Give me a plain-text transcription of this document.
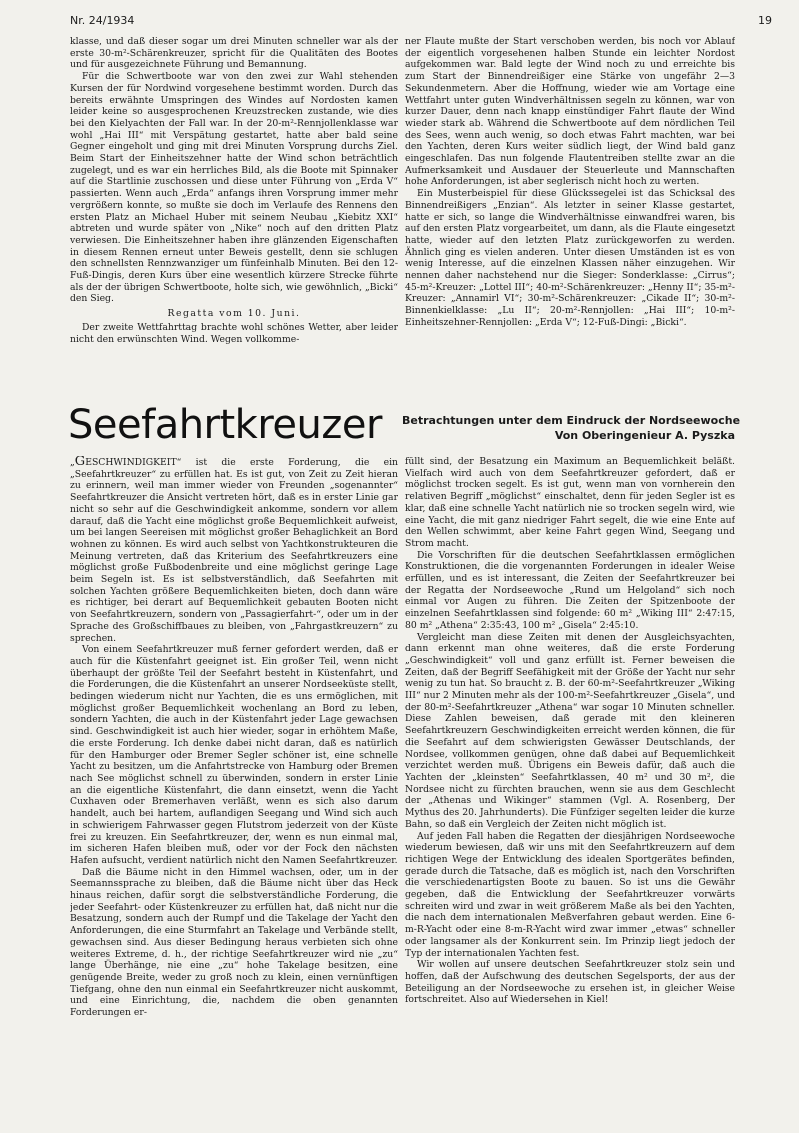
Nr. 24/1934	19

klasse, und daß dieser sogar um drei Minuten schneller war als der erste 30-m²-Schärenkreuzer, spricht für die Qualitäten des Bootes und für ausgezeichnete Führung und Bemannung.

Für die Schwertboote war von den zwei zur Wahl stehenden Kursen der für Nordwind vorgesehene bestimmt worden. Durch das bereits erwähnte Umspringen des Windes auf Nordosten kamen leider keine so ausgesprochenen Kreuzstrecken zustande, wie dies bei den Kielyachten der Fall war. In der 20-m²-Rennjollenklasse war wohl „Hai III“ mit Verspätung gestartet, hatte aber bald seine Gegner eingeholt und ging mit drei Minuten Vorsprung durchs Ziel. Beim Start der Einheitszehner hatte der Wind schon beträchtlich zugelegt, und es war ein herrliches Bild, als die Boote mit Spinnaker auf die Startlinie zuschossen und diese unter Führung von „Erda V“ passierten. Wenn auch „Erda“ anfangs ihren Vorsprung immer mehr vergrößern konnte, so mußte sie doch im Verlaufe des Rennens den ersten Platz an Michael Huber mit seinem Neubau „Kiebitz XXI“ abtreten und wurde später von „Nike“ noch auf den dritten Platz verwiesen. Die Einheitszehner haben ihre glänzenden Eigenschaften in diesem Rennen erneut unter Beweis gestellt, denn sie schlugen den schnellsten Rennzwanziger um fünfeinhalb Minuten. Bei den 12-Fuß-Dingis, deren Kurs über eine wesentlich kürzere Strecke führte als der der übrigen Schwertboote, holte sich, wie gewöhnlich, „Bicki“ den Sieg.

Regatta vom 10. Juni.

Der zweite Wettfahrttag brachte wohl schönes Wetter, aber leider nicht den erwünschten Wind. Wegen vollkomme-

ner Flaute mußte der Start verschoben werden, bis noch vor Ablauf der eigentlich vorgesehenen halben Stunde ein leichter Nordost aufgekommen war. Bald legte der Wind noch zu und erreichte bis zum Start der Binnendreißiger eine Stärke von ungefähr 2—3 Sekundenmetern. Aber die Hoffnung, wieder wie am Vortage eine Wettfahrt unter guten Windverhältnissen segeln zu können, war von kurzer Dauer, denn nach knapp einstündiger Fahrt flaute der Wind wieder stark ab. Während die Schwertboote auf dem nördlichen Teil des Sees, wenn auch wenig, so doch etwas Fahrt machten, war bei den Yachten, deren Kurs weiter südlich liegt, der Wind bald ganz eingeschlafen. Das nun folgende Flautentreiben stellte zwar an die Aufmerksamkeit und Ausdauer der Steuerleute und Mannschaften hohe Anforderungen, ist aber seglerisch nicht hoch zu werten.

Ein Musterbeispiel für diese Glückssegelei ist das Schicksal des Binnendreißigers „Enzian“. Als letzter in seiner Klasse gestartet, hatte er sich, so lange die Windverhältnisse einwandfrei waren, bis auf den ersten Platz vorgearbeitet, um dann, als die Flaute eingesetzt hatte, wieder auf den letzten Platz zurückgeworfen zu werden. Ähnlich ging es vielen anderen. Unter diesen Umständen ist es von wenig Interesse, auf die einzelnen Klassen näher einzugehen. Wir nennen daher nachstehend nur die Sieger: Sonderklasse: „Cirrus“; 45-m²-Kreuzer: „Lottel III“; 40-m²-Schärenkreuzer: „Henny II“; 35-m²-Kreuzer: „Annamirl VI“; 30-m²-Schärenkreuzer: „Cikade II“; 30-m²-Binnenkielklasse: „Lu II“; 20-m²-Rennjollen: „Hai III“; 10-m²-Einheitszehner-Rennjollen: „Erda V“; 12-Fuß-Dingi: „Bicki“.

Seefahrtkreuzer Betrachtungen unter dem Eindruck der Nordseewoche

Von Oberingenieur A. Pyszka

„GESCHWINDIGKEIT“ ist die erste Forderung, die ein „Seefahrtkreuzer“ zu erfüllen hat. Es ist gut, von Zeit zu Zeit hieran zu erinnern, weil man immer wieder von Freunden „sogenannter“ Seefahrtkreuzer die Ansicht vertreten hört, daß es in erster Linie gar nicht so sehr auf die Geschwindigkeit ankomme, sondern vor allem darauf, daß die Yacht eine möglichst große Bequemlichkeit aufweist, um bei langen Seereisen mit möglichst großer Behaglichkeit an Bord wohnen zu können. Es wird auch selbst von Yachtkonstrukteuren die Meinung vertreten, daß das Kriterium des Seefahrtkreuzers eine möglichst große Fußbodenbreite und eine möglichst geringe Lage beim Segeln ist. Es ist selbstverständlich, daß Seefahrten mit solchen Yachten größere Bequemlichkeiten bieten, doch dann wäre es richtiger, bei derart auf Bequemlichkeit gebauten Booten nicht von Seefahrtkreuzern, sondern von „Passagierfahrt-“, oder um in der Sprache des Großschiffbaues zu bleiben, von „Fahrgastkreuzern“ zu sprechen.

Von einem Seefahrtkreuzer muß ferner gefordert werden, daß er auch für die Küstenfahrt geeignet ist. Ein großer Teil, wenn nicht überhaupt der größte Teil der Seefahrt besteht in Küstenfahrt, und die Forderungen, die die Küstenfahrt an unserer Nordseeküste stellt, bedingen wiederum nicht nur Yachten, die es uns ermöglichen, mit möglichst großer Bequemlichkeit wochenlang an Bord zu leben, sondern Yachten, die auch in der Küstenfahrt jeder Lage gewachsen sind. Geschwindigkeit ist auch hier wieder, sogar in erhöhtem Maße, die erste Forderung. Ich denke dabei nicht daran, daß es natürlich für den Hamburger oder Bremer Segler schöner ist, eine schnelle Yacht zu besitzen, um die Anfahrtstrecke von Hamburg oder Bremen nach See möglichst schnell zu überwinden, sondern in erster Linie an die eigentliche Küstenfahrt, die dann einsetzt, wenn die Yacht Cuxhaven oder Bremerhaven verläßt, wenn es sich also darum handelt, auch bei hartem, auflandigen Seegang und Wind sich auch in schwierigem Fahrwasser gegen Flutstrom jederzeit von der Küste frei zu kreuzen. Ein Seefahrtkreuzer, der, wenn es nun einmal mal, im sicheren Hafen bleiben muß, oder vor der Fock den nächsten Hafen aufsucht, verdient natürlich nicht den Namen Seefahrtkreuzer.

Daß die Bäume nicht in den Himmel wachsen, oder, um in der Seemannssprache zu bleiben, daß die Bäume nicht über das Heck hinaus reichen, dafür sorgt die selbstverständliche Forderung, die jeder Seefahrt- oder Küstenkreuzer zu erfüllen hat, daß nicht nur die Besatzung, sondern auch der Rumpf und die Takelage der Yacht den Anforderungen, die eine Sturmfahrt an Takelage und Verbände stellt, gewachsen sind. Aus dieser Bedingung heraus verbieten sich ohne weiteres Extreme, d. h., der richtige Seefahrtkreuzer wird nie „zu“ lange Überhänge, nie eine „zu“ hohe Takelage besitzen, eine genügende Breite, weder zu groß noch zu klein, einen vernünftigen Tiefgang, ohne den nun einmal ein Seefahrtkreuzer nicht auskommt, und eine Einrichtung, die, nachdem die oben genannten Forderungen er-

füllt sind, der Besatzung ein Maximum an Bequemlichkeit beläßt. Vielfach wird auch von dem Seefahrtkreuzer gefordert, daß er möglichst trocken segelt. Es ist gut, wenn man von vornherein den relativen Begriff „möglichst“ einschaltet, denn für jeden Segler ist es klar, daß eine schnelle Yacht natürlich nie so trocken segeln wird, wie eine Yacht, die mit ganz niedriger Fahrt segelt, die wie eine Ente auf den Wellen schwimmt, aber keine Fahrt gegen Wind, Seegang und Strom macht.

Die Vorschriften für die deutschen Seefahrtklassen ermöglichen Konstruktionen, die die vorgenannten Forderungen in idealer Weise erfüllen, und es ist interessant, die Zeiten der Seefahrtkreuzer bei der Regatta der Nordseewoche „Rund um Helgoland“ sich noch einmal vor Augen zu führen. Die Zeiten der Spitzenboote der einzelnen Seefahrtklassen sind folgende: 60 m² „Wiking III“ 2:47:15, 80 m² „Athena“ 2:35:43, 100 m² „Gisela“ 2:45:10.

Vergleicht man diese Zeiten mit denen der Ausgleichsyachten, dann erkennt man ohne weiteres, daß die erste Forderung „Geschwindigkeit“ voll und ganz erfüllt ist. Ferner beweisen die Zeiten, daß der Begriff Seefähigkeit mit der Größe der Yacht nur sehr wenig zu tun hat. So braucht z. B. der 60-m²-Seefahrtkreuzer „Wiking III“ nur 2 Minuten mehr als der 100-m²-Seefahrtkreuzer „Gisela“, und der 80-m²-Seefahrtkreuzer „Athena“ war sogar 10 Minuten schneller. Diese Zahlen beweisen, daß gerade mit den kleineren Seefahrtkreuzern Geschwindigkeiten erreicht werden können, die für die Seefahrt auf dem schwierigsten Gewässer Deutschlands, der Nordsee, vollkommen genügen, ohne daß dabei auf Bequemlichkeit verzichtet werden muß. Übrigens ein Beweis dafür, daß auch die Yachten der „kleinsten“ Seefahrtklassen, 40 m² und 30 m², die Nordsee nicht zu fürchten brauchen, wenn sie aus dem Geschlecht der „Athenas und Wikinger“ stammen (Vgl. A. Rosenberg, Der Mythus des 20. Jahrhunderts). Die Fünfziger segelten leider die kurze Bahn, so daß ein Vergleich der Zeiten nicht möglich ist.

Auf jeden Fall haben die Regatten der diesjährigen Nordseewoche wiederum bewiesen, daß wir uns mit den Seefahrtkreuzern auf dem richtigen Wege der Entwicklung des idealen Sportgerätes befinden, gerade durch die Tatsache, daß es möglich ist, nach den Vorschriften die verschiedenartigsten Boote zu bauen. So ist uns die Gewähr gegeben, daß die Entwicklung der Seefahrtkreuzer vorwärts schreiten wird und zwar in weit größerem Maße als bei den Yachten, die nach dem internationalen Meßverfahren gebaut werden. Eine 6-m-R-Yacht oder eine 8-m-R-Yacht wird zwar immer „etwas“ schneller oder langsamer als der Konkurrent sein. Im Prinzip liegt jedoch der Typ der internationalen Yachten fest.

Wir wollen auf unsere deutschen Seefahrtkreuzer stolz sein und hoffen, daß der Aufschwung des deutschen Segelsports, der aus der Beteiligung an der Nordseewoche zu ersehen ist, in gleicher Weise fortschreitet. Also auf Wiedersehen in Kiel!
